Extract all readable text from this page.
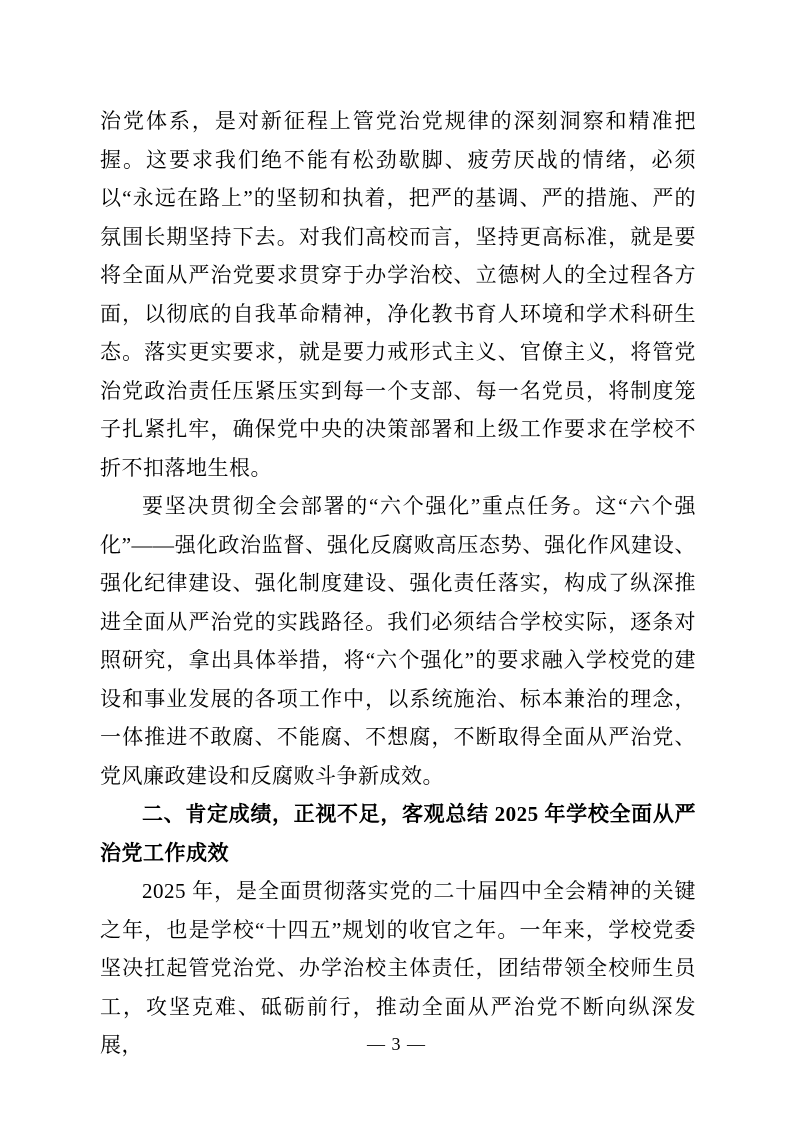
治党体系，是对新征程上管党治党规律的深刻洞察和精准把握。这要求我们绝不能有松劲歇脚、疲劳厌战的情绪，必须以“永远在路上”的坚韧和执着，把严的基调、严的措施、严的氛围长期坚持下去。对我们高校而言，坚持更高标准，就是要将全面从严治党要求贯穿于办学治校、立德树人的全过程各方面，以彻底的自我革命精神，净化教书育人环境和学术科研生态。落实更实要求，就是要力戒形式主义、官僚主义，将管党治党政治责任压紧压实到每一个支部、每一名党员，将制度笼子扎紧扎牢，确保党中央的决策部署和上级工作要求在学校不折不扣落地生根。

要坚决贯彻全会部署的“六个强化”重点任务。这“六个强化”——强化政治监督、强化反腐败高压态势、强化作风建设、强化纪律建设、强化制度建设、强化责任落实，构成了纵深推进全面从严治党的实践路径。我们必须结合学校实际，逐条对照研究，拿出具体举措，将“六个强化”的要求融入学校党的建设和事业发展的各项工作中，以系统施治、标本兼治的理念，一体推进不敢腐、不能腐、不想腐，不断取得全面从严治党、党风廉政建设和反腐败斗争新成效。

二、肯定成绩，正视不足，客观总结 2025 年学校全面从严治党工作成效

2025 年，是全面贯彻落实党的二十届四中全会精神的关键之年，也是学校“十四五”规划的收官之年。一年来，学校党委坚决扛起管党治党、办学治校主体责任，团结带领全校师生员工，攻坚克难、砥砺前行，推动全面从严治党不断向纵深发展，	— 3 —
